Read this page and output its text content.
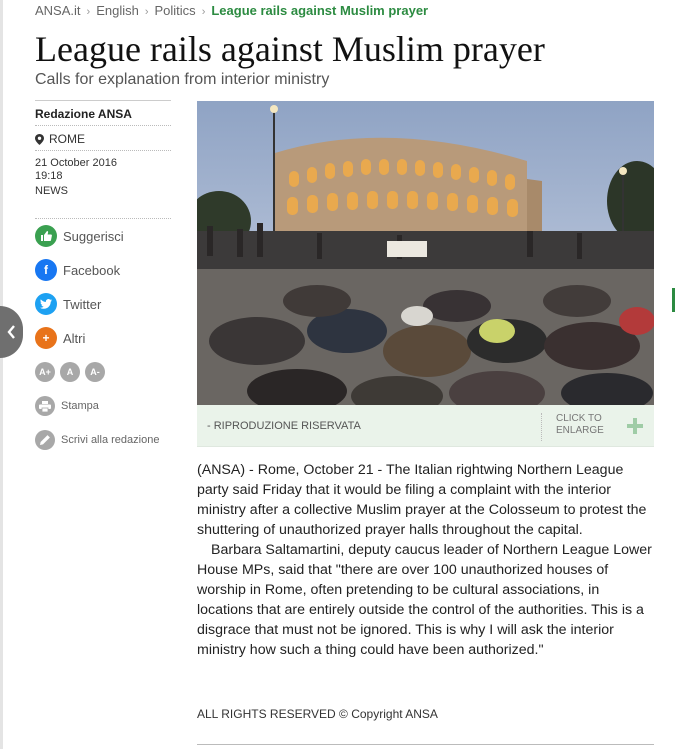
ANSA.it › English › Politics › League rails against Muslim prayer
League rails against Muslim prayer
Calls for explanation from interior ministry
Redazione ANSA
ROME
21 October 2016
19:18
NEWS
Suggerisci
f	Facebook
Twitter
+	Altri
A+	A	A-
Stampa
Scrivi alla redazione
- RIPRODUZIONE RISERVATA
CLICK TO
ENLARGE

(ANSA) - Rome, October 21 - The Italian rightwing Northern League party said Friday that it would be filing a complaint with the interior ministry after a collective Muslim prayer at the Colosseum to protest the shuttering of unauthorized prayer halls throughout the capital.

Barbara Saltamartini, deputy caucus leader of Northern League Lower House MPs, said that "there are over 100 unauthorized houses of worship in Rome, often pretending to be cultural associations, in locations that are entirely outside the control of the authorities. This is a disgrace that must not be ignored. This is why I will ask the interior ministry how such a thing could have been authorized."

ALL RIGHTS RESERVED © Copyright ANSA
